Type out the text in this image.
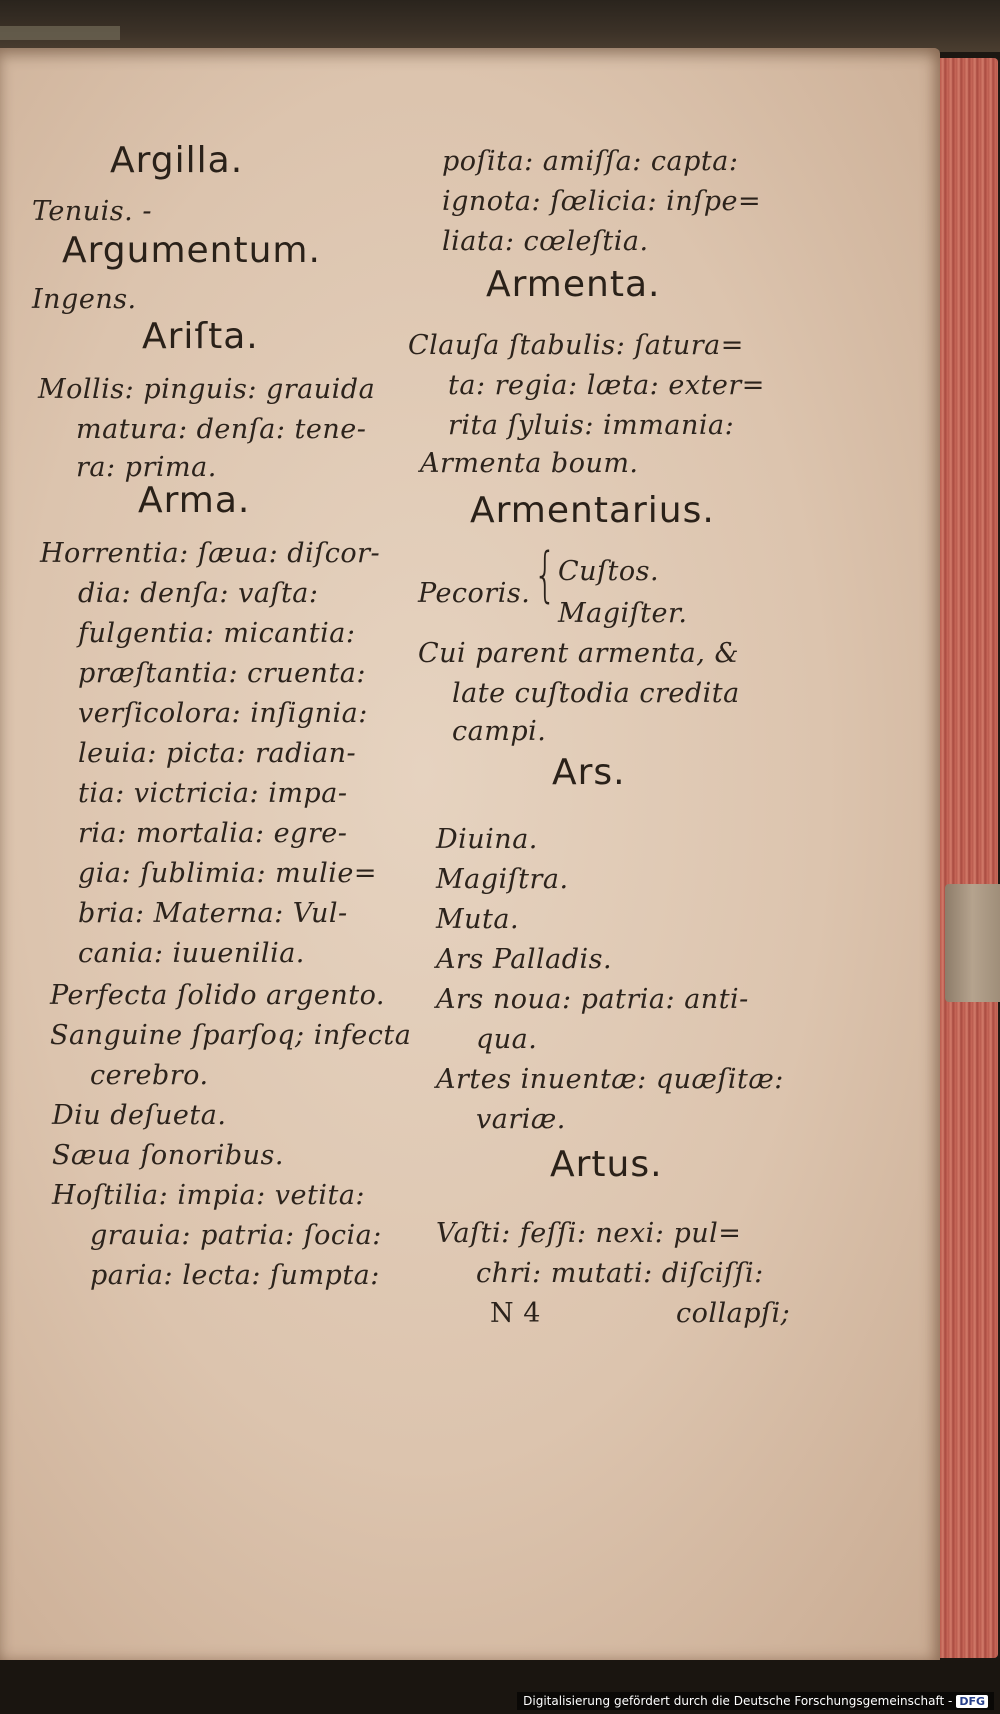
Argilla.
Tenuis. -
Argumentum.
Ingens.
Ariſta.
Mollis: pinguis: grauida
matura: denſa: tene-
ra: prima.
Arma.
Horrentia: ſæua: diſcor-
dia: denſa: vaſta:
fulgentia: micantia:
præſtantia: cruenta:
verſicolora: inſignia:
leuia: picta: radian-
tia: victricia: impa-
ria: mortalia: egre-
gia: ſublimia: mulie=
bria: Materna: Vul-
cania: iuuenilia.
Perfecta ſolido argento.
Sanguine ſparſoq; infecta
cerebro.
Diu deſueta.
Sæua ſonoribus.
Hoſtilia: impia: vetita:
grauia: patria: ſocia:
paria: lecta: ſumpta:
poſita: amiſſa: capta:
ignota: ſœlicia: inſpe=
liata: cœleſtia.
Armenta.
Clauſa ſtabulis: ſatura=
ta: regia: læta: exter=
rita ſyluis: immania:
Armenta boum.
Armentarius.
Cuſtos.
Pecoris. {
Magiſter.
Cui parent armenta, &
late cuſtodia credita
campi.
Ars.
Diuina.
Magiſtra.
Muta.
Ars Palladis.
Ars noua: patria: anti-
qua.
Artes inuentæ: quæſitæ:
variæ.
Artus.
Vaſti: feſſi: nexi: pul=
chri: mutati: diſciſſi:
N 4	collapſi;
Digitalisierung gefördert durch die Deutsche Forschungsgemeinschaft - DFG
